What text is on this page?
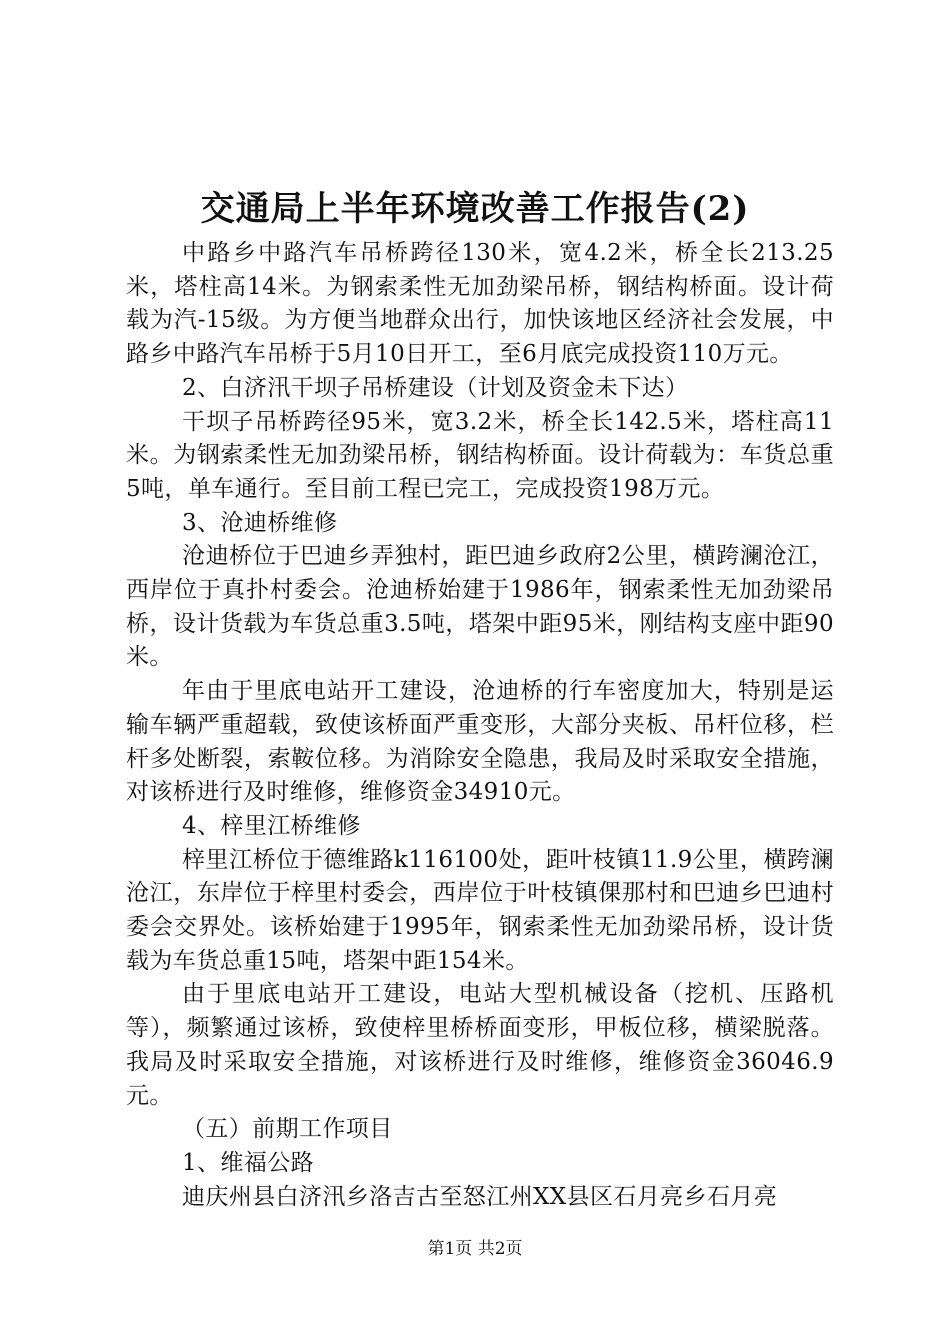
交通局上半年环境改善工作报告(2)

中路乡中路汽车吊桥跨径130米，宽4.2米，桥全长213.25米，塔柱高14米。为钢索柔性无加劲梁吊桥，钢结构桥面。设计荷载为汽-15级。为方便当地群众出行，加快该地区经济社会发展，中路乡中路汽车吊桥于5月10日开工，至6月底完成投资110万元。

2、白济汛干坝子吊桥建设（计划及资金未下达）

干坝子吊桥跨径95米，宽3.2米，桥全长142.5米，塔柱高11米。为钢索柔性无加劲梁吊桥，钢结构桥面。设计荷载为：车货总重5吨，单车通行。至目前工程已完工，完成投资198万元。

3、沧迪桥维修

沧迪桥位于巴迪乡弄独村，距巴迪乡政府2公里，横跨澜沧江，西岸位于真扑村委会。沧迪桥始建于1986年，钢索柔性无加劲梁吊桥，设计货载为车货总重3.5吨，塔架中距95米，刚结构支座中距90米。

年由于里底电站开工建设，沧迪桥的行车密度加大，特别是运输车辆严重超载，致使该桥面严重变形，大部分夹板、吊杆位移，栏杆多处断裂，索鞍位移。为消除安全隐患，我局及时采取安全措施，对该桥进行及时维修，维修资金34910元。

4、梓里江桥维修

梓里江桥位于德维路k116100处，距叶枝镇11.9公里，横跨澜沧江，东岸位于梓里村委会，西岸位于叶枝镇倮那村和巴迪乡巴迪村委会交界处。该桥始建于1995年，钢索柔性无加劲梁吊桥，设计货载为车货总重15吨，塔架中距154米。

由于里底电站开工建设，电站大型机械设备（挖机、压路机等），频繁通过该桥，致使梓里桥桥面变形，甲板位移，横梁脱落。我局及时采取安全措施，对该桥进行及时维修，维修资金36046.9元。

（五）前期工作项目

1、维福公路

迪庆州县白济汛乡洛吉古至怒江州XX县区石月亮乡石月亮

第1页 共2页
